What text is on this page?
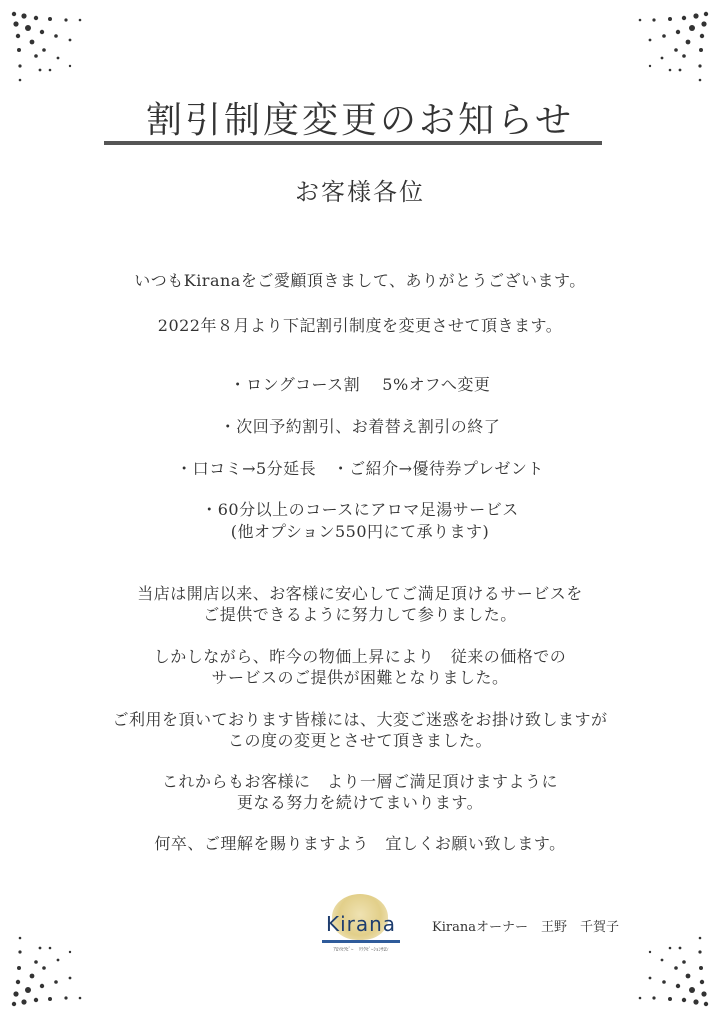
割引制度変更のお知らせ
お客様各位
いつもKiranaをご愛顧頂きまして、ありがとうございます。
2022年８月より下記割引制度を変更させて頂きます。
・ロングコース割　 5%オフへ変更
・次回予約割引、お着替え割引の終了
・口コミ→5分延長　・ご紹介→優待券プレゼント
・60分以上のコースにアロマ足湯サービス
(他オプション550円にて承ります)
当店は開店以来、お客様に安心してご満足頂けるサービスを
ご提供できるように努力して参りました。
しかしながら、昨今の物価上昇により　従来の価格での
サービスのご提供が困難となりました。
ご利用を頂いております皆様には、大変ご迷惑をお掛け致しますが
この度の変更とさせて頂きました。
これからもお客様に　より一層ご満足頂けますように
更なる努力を続けてまいります。
何卒、ご理解を賜りますよう　宜しくお願い致します。
Kirana
ｱﾛﾏｾﾗﾋﾟｰ　ﾘﾗｸｾﾞｰｼｮﾝｻﾛﾝ
Kiranaオーナー　王野　千賀子
